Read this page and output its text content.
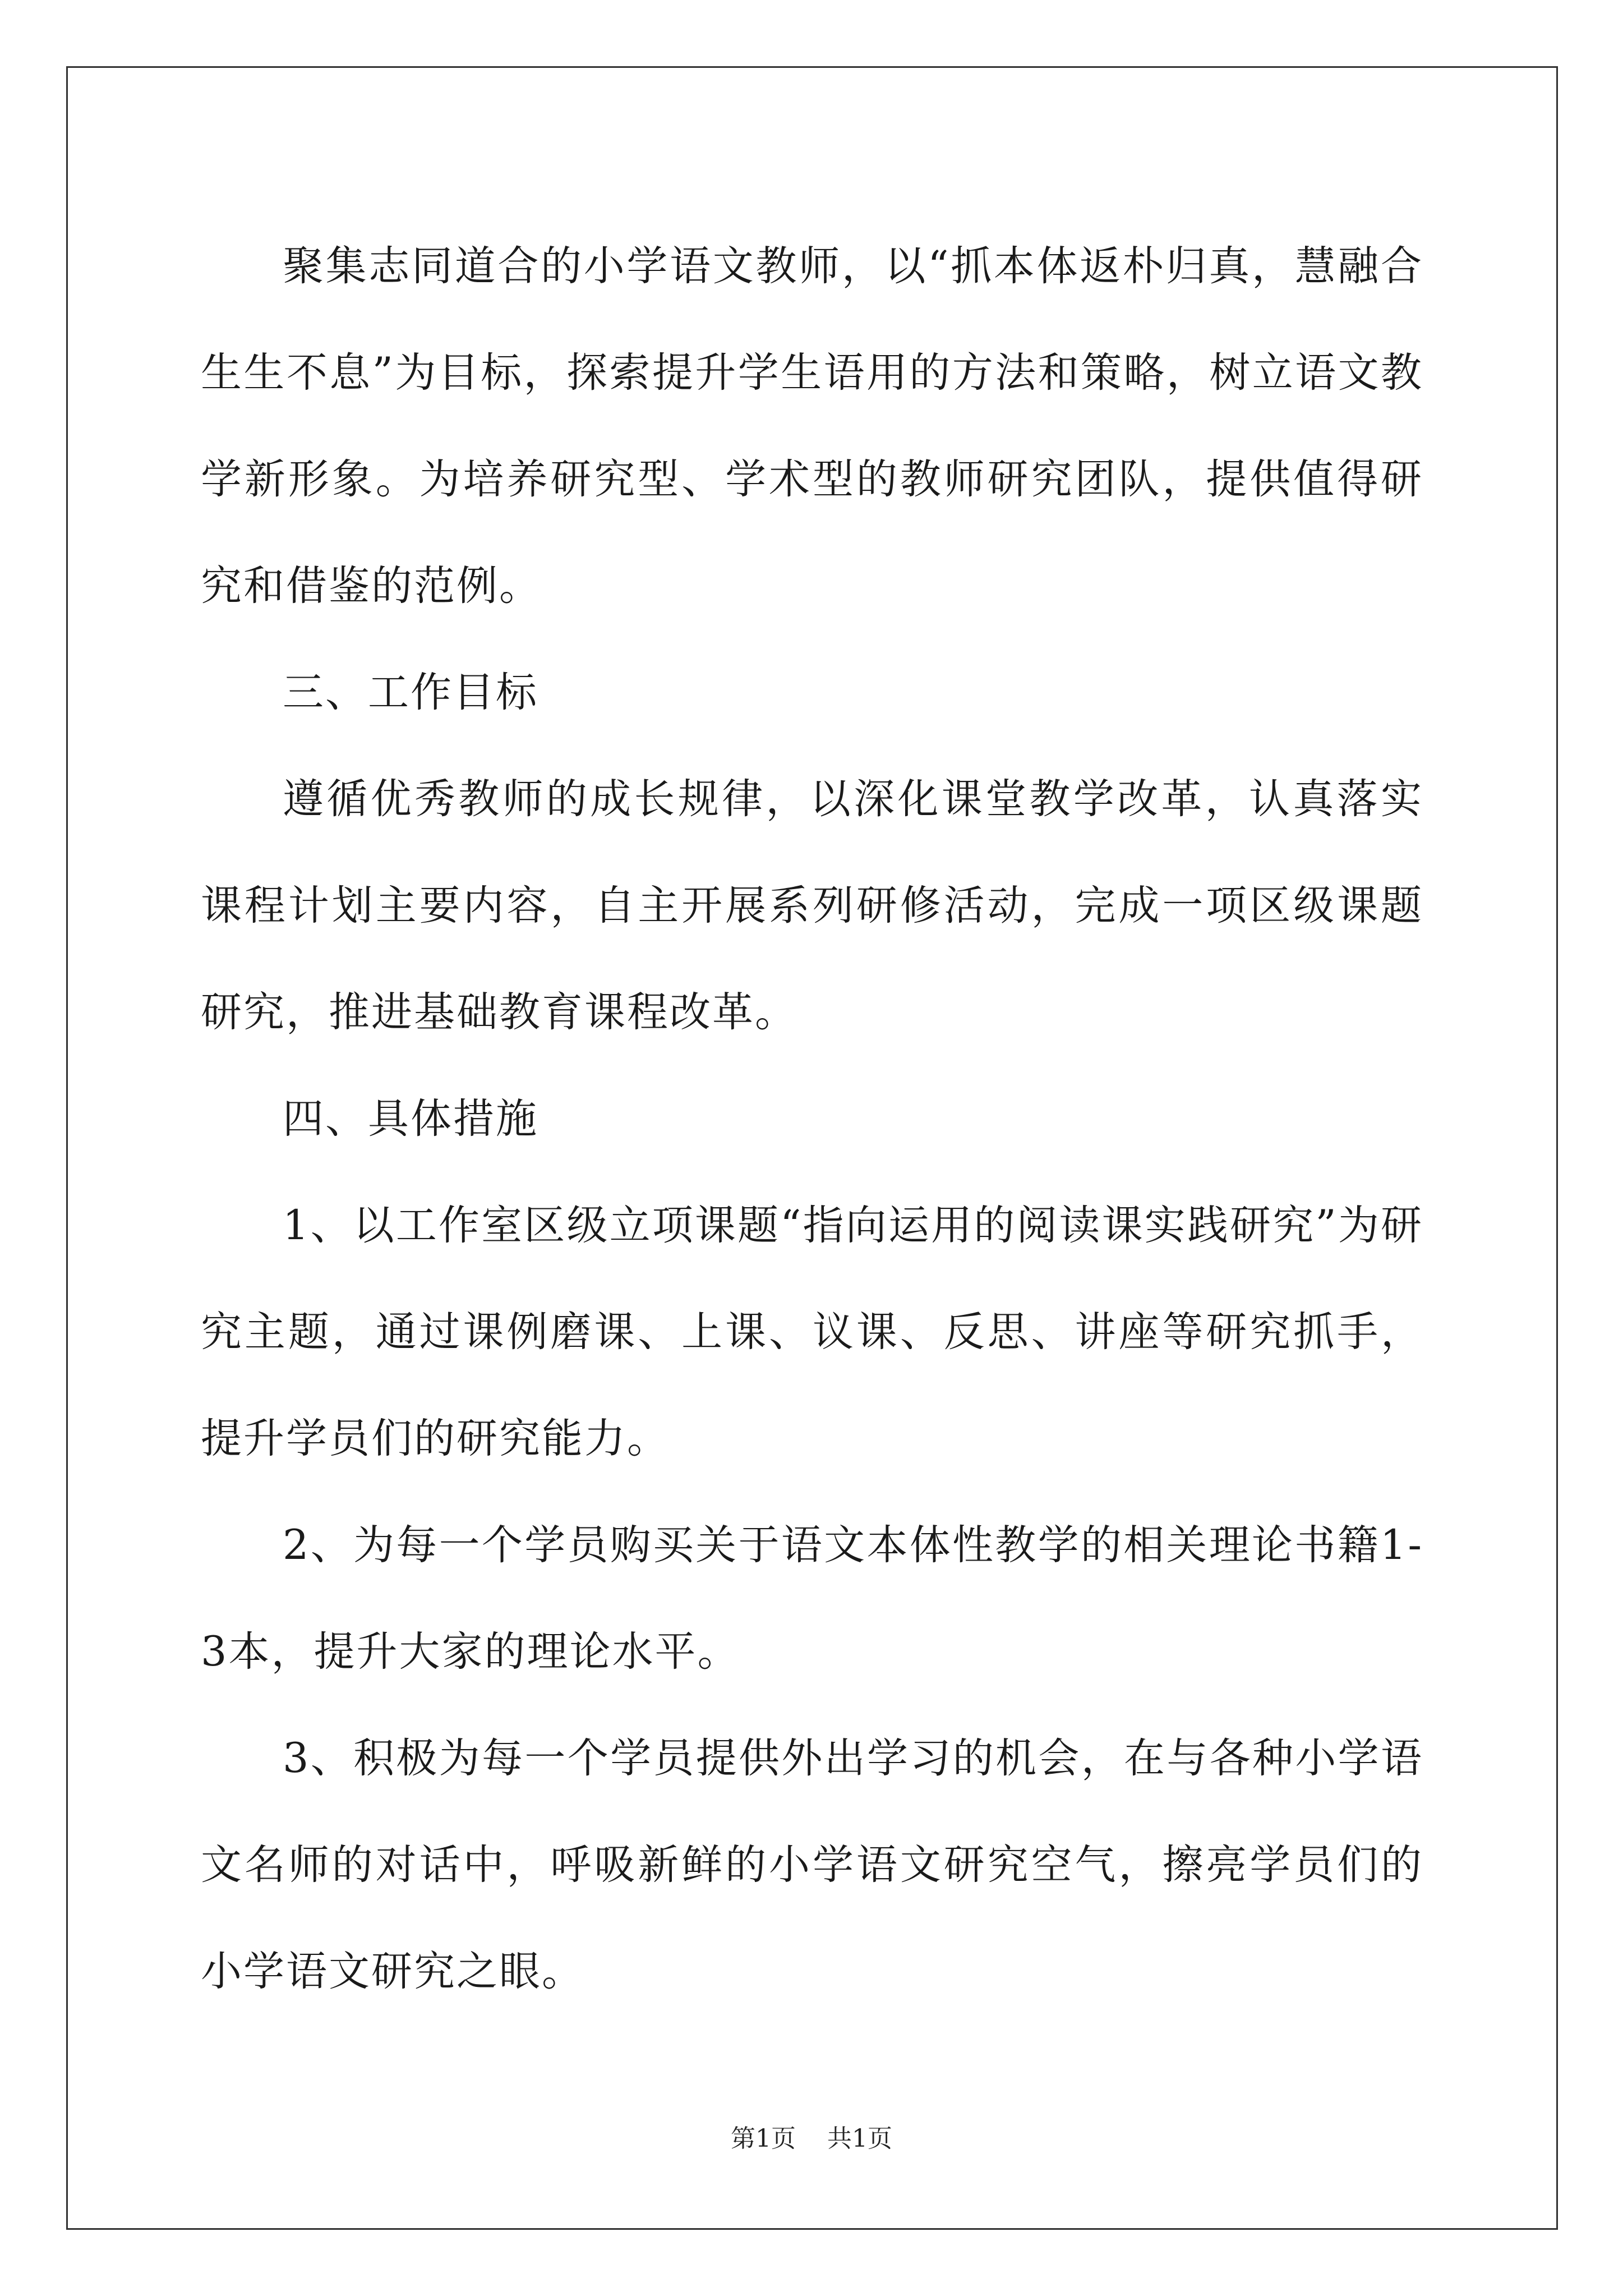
聚集志同道合的小学语文教师，以“抓本体返朴归真，慧融合生生不息”为目标，探索提升学生语用的方法和策略，树立语文教学新形象。为培养研究型、学术型的教师研究团队，提供值得研究和借鉴的范例。

三、工作目标

遵循优秀教师的成长规律，以深化课堂教学改革，认真落实课程计划主要内容，自主开展系列研修活动，完成一项区级课题研究，推进基础教育课程改革。

四、具体措施

1、以工作室区级立项课题“指向运用的阅读课实践研究”为研究主题，通过课例磨课、上课、议课、反思、讲座等研究抓手，提升学员们的研究能力。

2、为每一个学员购买关于语文本体性教学的相关理论书籍1-3本，提升大家的理论水平。

3、积极为每一个学员提供外出学习的机会，在与各种小学语文名师的对话中，呼吸新鲜的小学语文研究空气，擦亮学员们的小学语文研究之眼。

第1页 共1页
